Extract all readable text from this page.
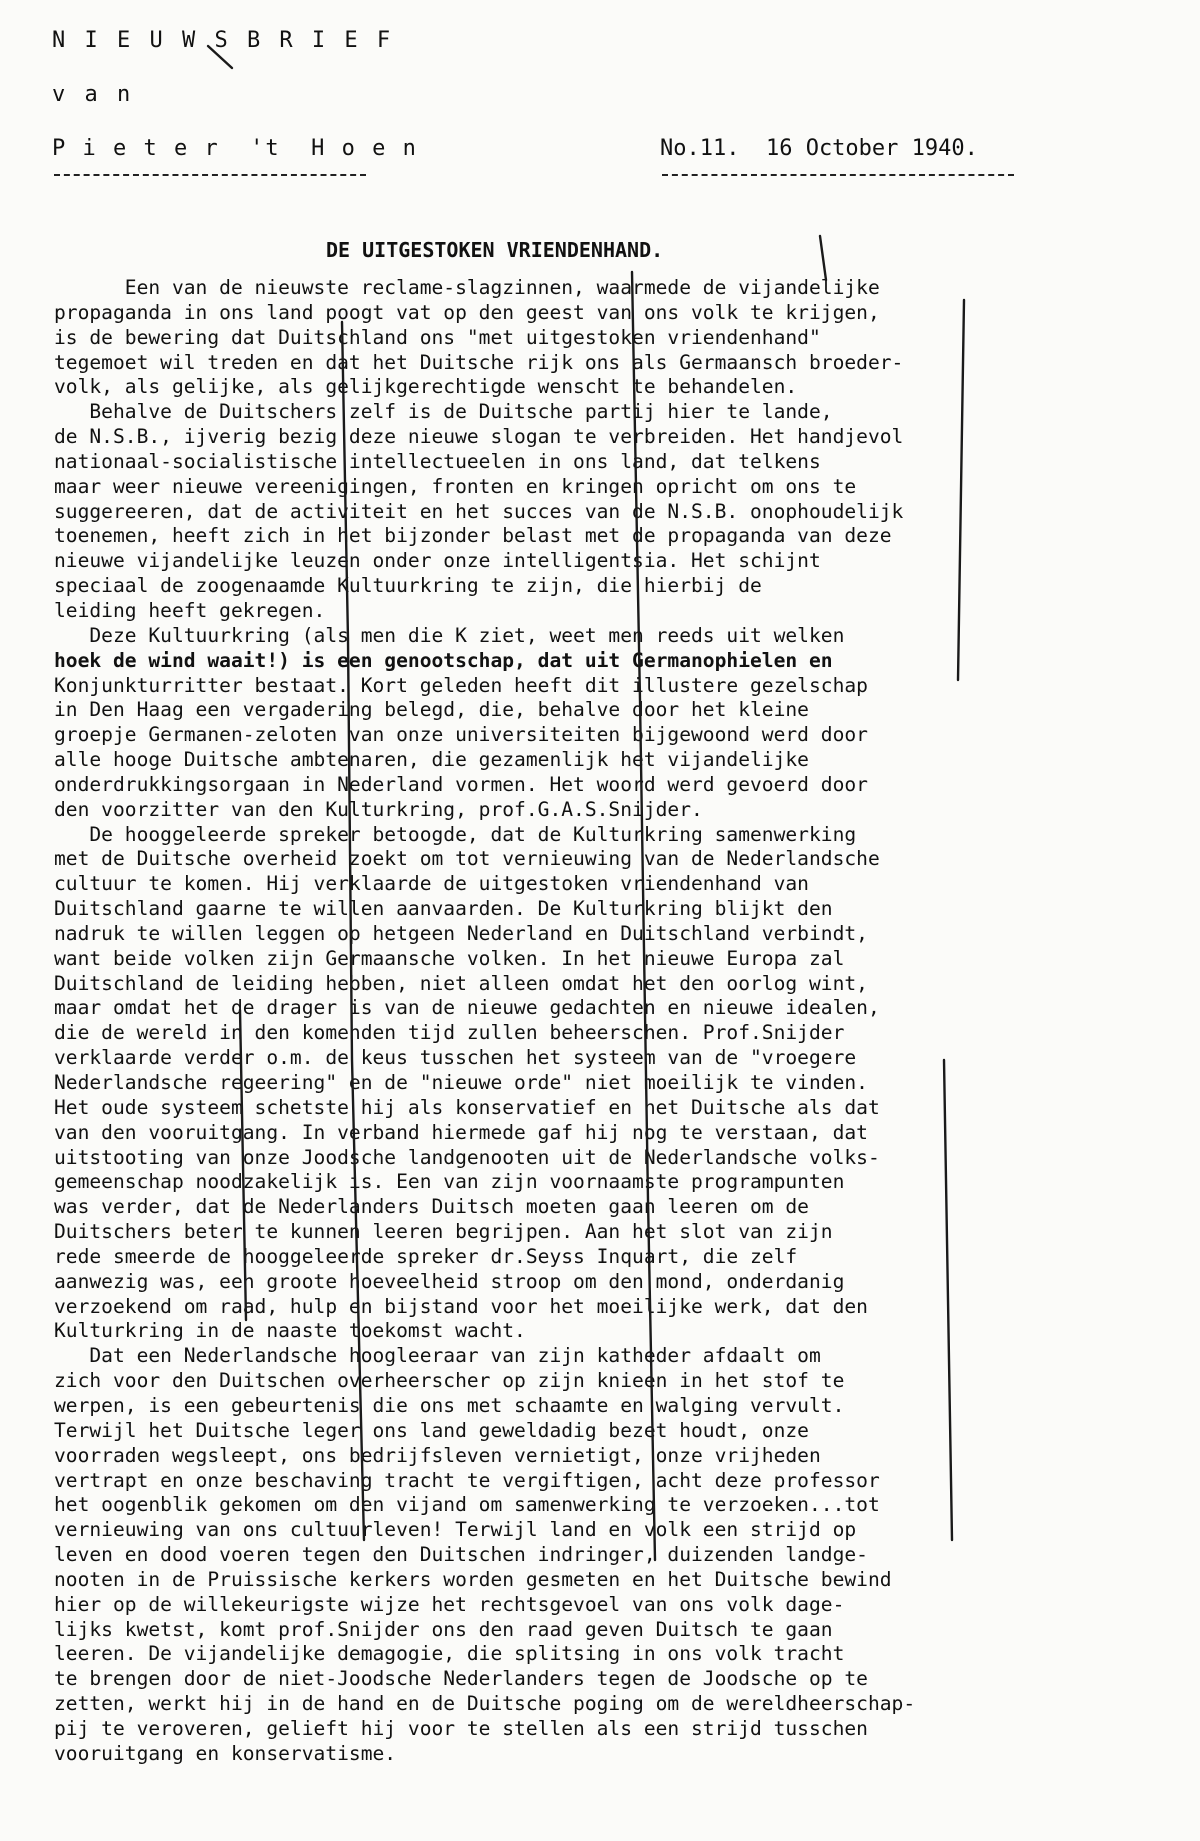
N I E U W S B R I E F
v a n
P i e t e r  't  H o e n	No.11.  16 October 1940.
DE UITGESTOKEN VRIENDENHAND.
Een van de nieuwste reclame-slagzinnen, waarmede de vijandelijke
propaganda in ons land poogt vat op den geest van ons volk te krijgen,
is de bewering dat Duitschland ons "met uitgestoken vriendenhand"
tegemoet wil treden en dat het Duitsche rijk ons als Germaansch broeder-
volk, als gelijke, als gelijkgerechtigde wenscht te behandelen.
Behalve de Duitschers zelf is de Duitsche partij hier te lande,
de N.S.B., ijverig bezig deze nieuwe slogan te verbreiden. Het handjevol
nationaal-socialistische intellectueelen in ons land, dat telkens
maar weer nieuwe vereenigingen, fronten en kringen opricht om ons te
suggereeren, dat de activiteit en het succes van de N.S.B. onophoudelijk
toenemen, heeft zich in het bijzonder belast met de propaganda van deze
nieuwe vijandelijke leuzen onder onze intelligentsia. Het schijnt
speciaal de zoogenaamde Kultuurkring te zijn, die hierbij de
leiding heeft gekregen.
Deze Kultuurkring (als men die K ziet, weet men reeds uit welken
hoek de wind waait!) is een genootschap, dat uit Germanophielen en
Konjunkturritter bestaat. Kort geleden heeft dit illustere gezelschap
in Den Haag een vergadering belegd, die, behalve door het kleine
groepje Germanen-zeloten van onze universiteiten bijgewoond werd door
alle hooge Duitsche ambtenaren, die gezamenlijk het vijandelijke
onderdrukkingsorgaan in Nederland vormen. Het woord werd gevoerd door
den voorzitter van den Kulturkring, prof.G.A.S.Snijder.
De hooggeleerde spreker betoogde, dat de Kulturkring samenwerking
met de Duitsche overheid zoekt om tot vernieuwing van de Nederlandsche
cultuur te komen. Hij verklaarde de uitgestoken vriendenhand van
Duitschland gaarne te willen aanvaarden. De Kulturkring blijkt den
nadruk te willen leggen op hetgeen Nederland en Duitschland verbindt,
want beide volken zijn Germaansche volken. In het nieuwe Europa zal
Duitschland de leiding hebben, niet alleen omdat het den oorlog wint,
maar omdat het de drager is van de nieuwe gedachten en nieuwe idealen,
die de wereld in den komenden tijd zullen beheerschen. Prof.Snijder
verklaarde verder o.m. de keus tusschen het systeem van de "vroegere
Nederlandsche regeering" en de "nieuwe orde" niet moeilijk te vinden.
Het oude systeem schetste hij als konservatief en het Duitsche als dat
van den vooruitgang. In verband hiermede gaf hij nog te verstaan, dat
uitstooting van onze Joodsche landgenooten uit de Nederlandsche volks-
gemeenschap noodzakelijk is. Een van zijn voornaamste programpunten
was verder, dat de Nederlanders Duitsch moeten gaan leeren om de
Duitschers beter te kunnen leeren begrijpen. Aan het slot van zijn
rede smeerde de hooggeleerde spreker dr.Seyss Inquart, die zelf
aanwezig was, een groote hoeveelheid stroop om den mond, onderdanig
verzoekend om raad, hulp en bijstand voor het moeilijke werk, dat den
Kulturkring in de naaste toekomst wacht.
Dat een Nederlandsche hoogleeraar van zijn katheder afdaalt om
zich voor den Duitschen overheerscher op zijn knieen in het stof te
werpen, is een gebeurtenis die ons met schaamte en walging vervult.
Terwijl het Duitsche leger ons land geweldadig bezet houdt, onze
voorraden wegsleept, ons bedrijfsleven vernietigt, onze vrijheden
vertrapt en onze beschaving tracht te vergiftigen, acht deze professor
het oogenblik gekomen om den vijand om samenwerking te verzoeken...tot
vernieuwing van ons cultuurleven! Terwijl land en volk een strijd op
leven en dood voeren tegen den Duitschen indringer, duizenden landge-
nooten in de Pruissische kerkers worden gesmeten en het Duitsche bewind
hier op de willekeurigste wijze het rechtsgevoel van ons volk dage-
lijks kwetst, komt prof.Snijder ons den raad geven Duitsch te gaan
leeren. De vijandelijke demagogie, die splitsing in ons volk tracht
te brengen door de niet-Joodsche Nederlanders tegen de Joodsche op te
zetten, werkt hij in de hand en de Duitsche poging om de wereldheerschap-
pij te veroveren, gelieft hij voor te stellen als een strijd tusschen
vooruitgang en konservatisme.
